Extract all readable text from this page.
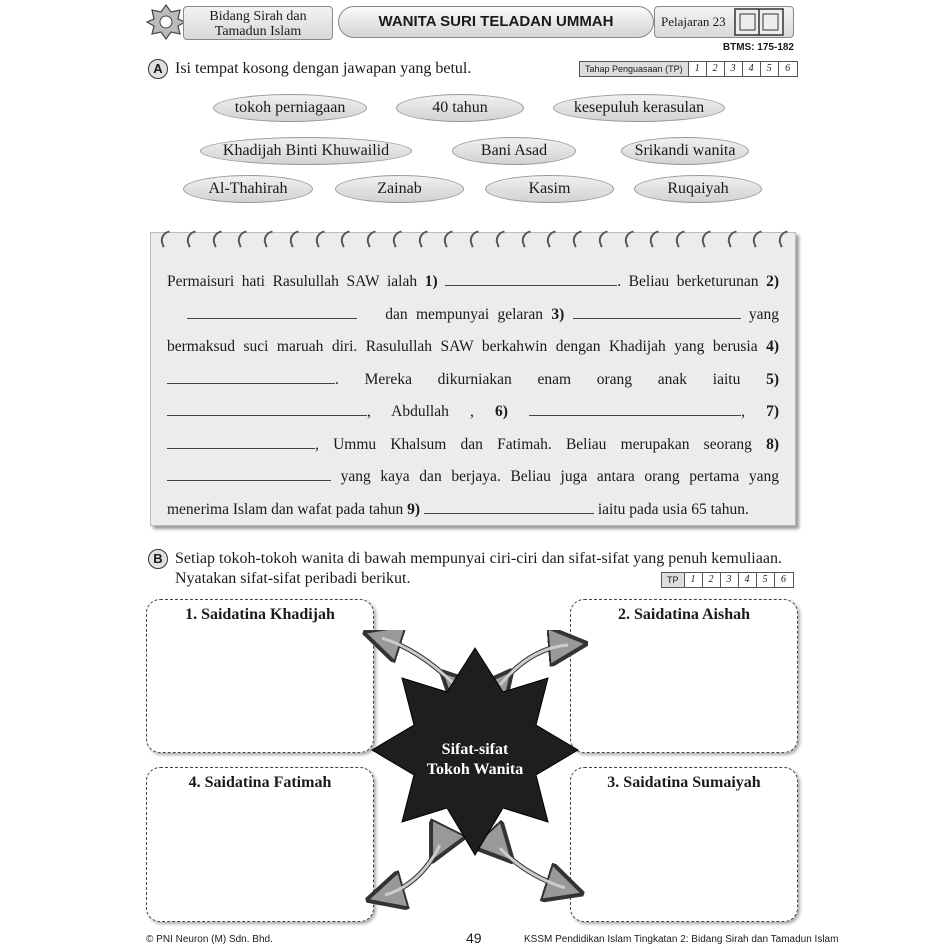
Bidang Sirah dan
Tamadun Islam
WANITA SURI TELADAN UMMAH	Pelajaran 23
BTMS: 175-182
A Isi tempat kosong dengan jawapan yang betul.	Tahap Penguasaan (TP)	1	2	3	4	5	6
tokoh perniagaan	40 tahun	kesepuluh kerasulan
Khadijah Binti Khuwailid	Bani Asad	Srikandi wanita
Al-Thahirah	Zainab	Kasim	Ruqaiyah
Permaisuri hati Rasulullah SAW ialah 1)	. Beliau berketurunan 2)  dan mempunyai gelaran 3)	yang bermaksud suci maruah diri. Rasulullah SAW berkahwin dengan Khadijah yang berusia 4) . Mereka dikurniakan enam orang anak iaitu 5) , Abdullah , 6)	, 7) , Ummu Khalsum dan Fatimah. Beliau merupakan seorang 8)  yang kaya dan berjaya. Beliau juga antara orang pertama yang menerima Islam dan wafat pada tahun 9)	iaitu pada usia 65 tahun.
B Setiap tokoh-tokoh wanita di bawah mempunyai ciri-ciri dan sifat-sifat yang penuh kemuliaan.
Nyatakan sifat-sifat peribadi berikut.	TP	1	2	3	4	5	6
1. Saidatina Khadijah	2. Saidatina Aishah
4. Saidatina Fatimah	3. Saidatina Sumaiyah
Sifat-sifat
Tokoh Wanita
© PNI Neuron (M) Sdn. Bhd.	49	KSSM Pendidikan Islam Tingkatan 2: Bidang Sirah dan Tamadun Islam
